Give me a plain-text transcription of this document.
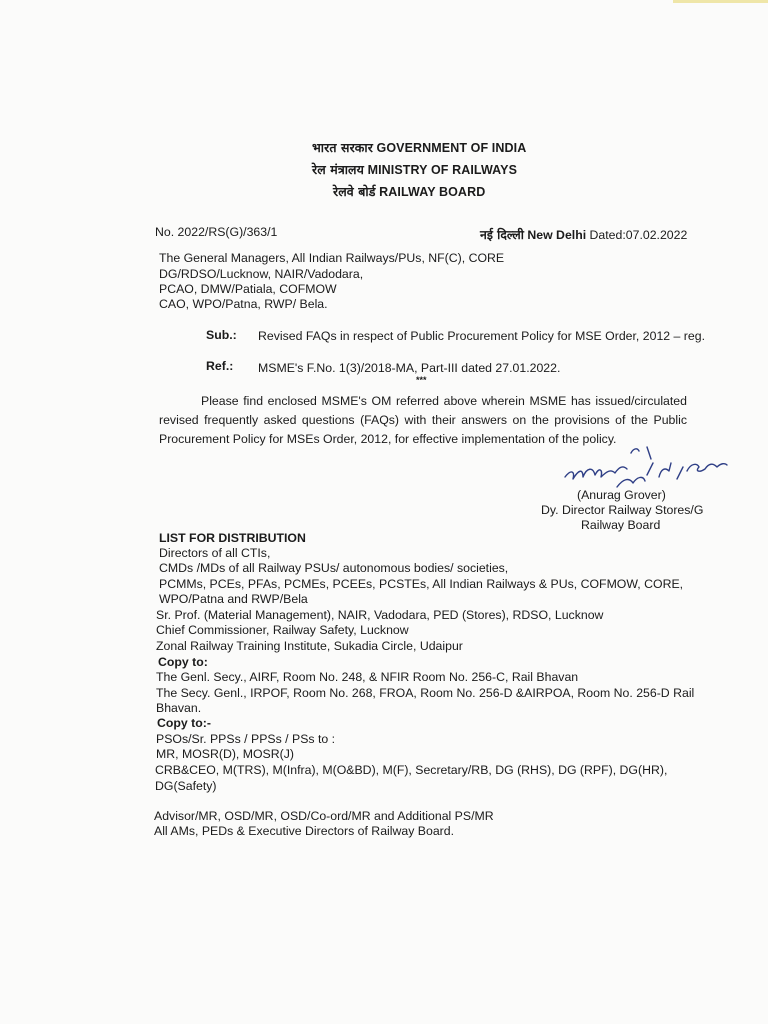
भारत सरकार GOVERNMENT OF INDIA
रेल मंत्रालय MINISTRY OF RAILWAYS
रेलवे बोर्ड RAILWAY BOARD
No. 2022/RS(G)/363/1	नई दिल्ली New Delhi Dated:07.02.2022
The General Managers, All Indian Railways/PUs, NF(C), CORE
DG/RDSO/Lucknow, NAIR/Vadodara,
PCAO, DMW/Patiala, COFMOW
CAO, WPO/Patna, RWP/ Bela.
Sub.: Revised FAQs in respect of Public Procurement Policy for MSE Order, 2012 – reg.
Ref.: MSME's F.No. 1(3)/2018-MA, Part-III dated 27.01.2022.
***
Please find enclosed MSME's OM referred above wherein MSME has issued/circulated revised frequently asked questions (FAQs) with their answers on the provisions of the Public Procurement Policy for MSEs Order, 2012, for effective implementation of the policy.
(Anurag Grover)
Dy. Director Railway Stores/G
Railway Board
LIST FOR DISTRIBUTION
Directors of all CTIs,
CMDs /MDs of all Railway PSUs/ autonomous bodies/ societies,
PCMMs, PCEs, PFAs, PCMEs, PCEEs, PCSTEs, All Indian Railways & PUs, COFMOW, CORE,
WPO/Patna and RWP/Bela
Sr. Prof. (Material Management), NAIR, Vadodara, PED (Stores), RDSO, Lucknow
Chief Commissioner, Railway Safety, Lucknow
Zonal Railway Training Institute, Sukadia Circle, Udaipur
Copy to:
The Genl. Secy., AIRF, Room No. 248, & NFIR Room No. 256-C, Rail Bhavan
The Secy. Genl., IRPOF, Room No. 268, FROA, Room No. 256-D &AIRPOA, Room No. 256-D Rail
Bhavan.
Copy to:-
PSOs/Sr. PPSs / PPSs / PSs to :
MR, MOSR(D), MOSR(J)
CRB&CEO, M(TRS), M(Infra), M(O&BD), M(F), Secretary/RB, DG (RHS), DG (RPF), DG(HR),
DG(Safety)
Advisor/MR, OSD/MR, OSD/Co-ord/MR and Additional PS/MR
All AMs, PEDs & Executive Directors of Railway Board.
